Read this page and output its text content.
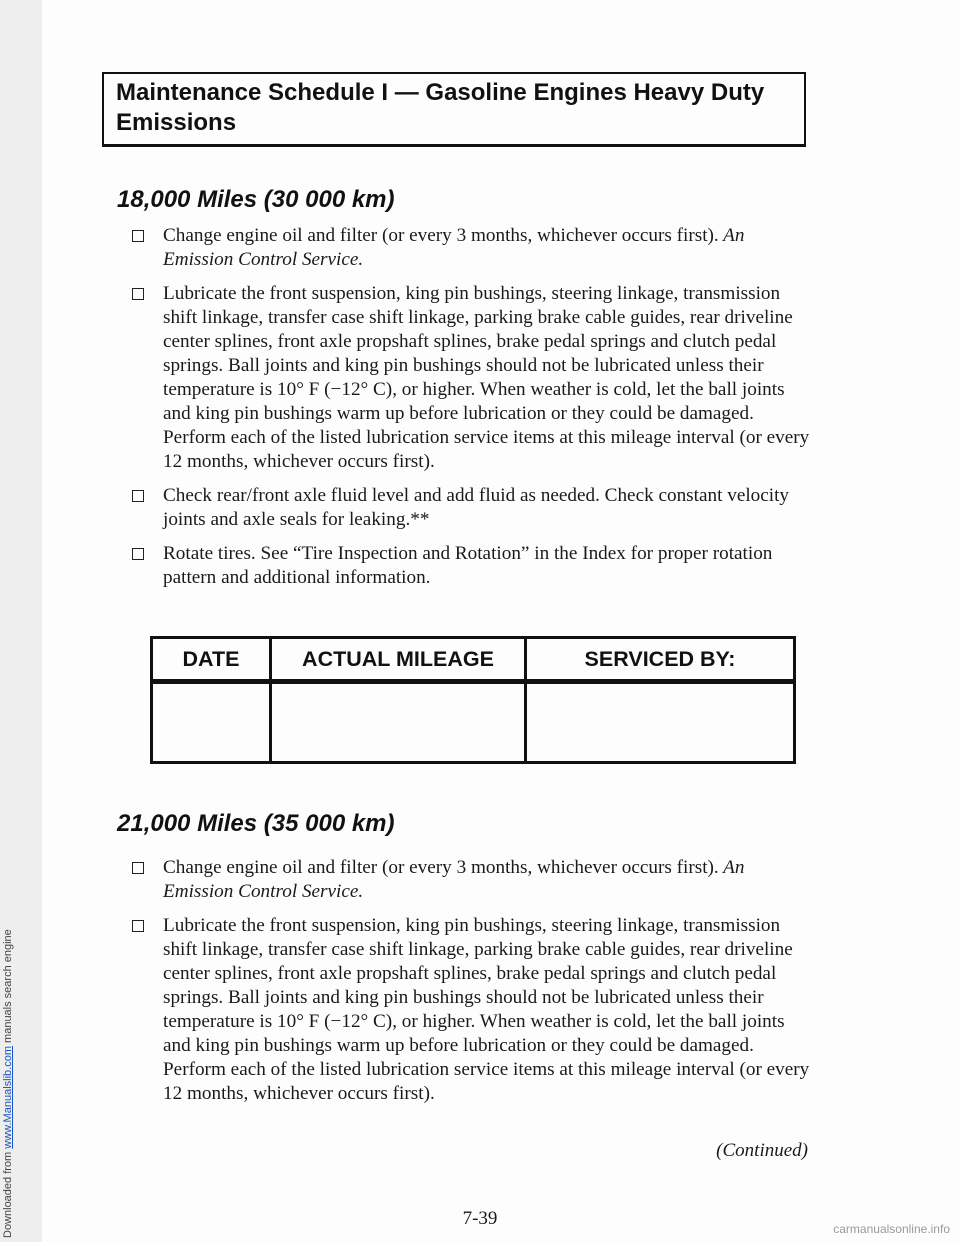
Downloaded from www.Manualslib.com manuals search engine
carmanualsonline.info
Maintenance Schedule I — Gasoline Engines Heavy Duty Emissions
18,000 Miles (30 000 km)
Change engine oil and filter (or every 3 months, whichever occurs first). An Emission Control Service.
Lubricate the front suspension, king pin bushings, steering linkage, transmission shift linkage, transfer case shift linkage, parking brake cable guides, rear driveline center splines, front axle propshaft splines, brake pedal springs and clutch pedal springs. Ball joints and king pin bushings should not be lubricated unless their temperature is 10° F (−12° C), or higher. When weather is cold, let the ball joints and king pin bushings warm up before lubrication or they could be damaged. Perform each of the listed lubrication service items at this mileage interval (or every 12 months, whichever occurs first).
Check rear/front axle fluid level and add fluid as needed. Check constant velocity joints and axle seals for leaking.**
Rotate tires. See “Tire Inspection and Rotation” in the Index for proper rotation pattern and additional information.
DATE	ACTUAL MILEAGE	SERVICED BY:

21,000 Miles (35 000 km)
Change engine oil and filter (or every 3 months, whichever occurs first). An Emission Control Service.
Lubricate the front suspension, king pin bushings, steering linkage, transmission shift linkage, transfer case shift linkage, parking brake cable guides, rear driveline center splines, front axle propshaft splines, brake pedal springs and clutch pedal springs. Ball joints and king pin bushings should not be lubricated unless their temperature is 10° F (−12° C), or higher. When weather is cold, let the ball joints and king pin bushings warm up before lubrication or they could be damaged. Perform each of the listed lubrication service items at this mileage interval (or every 12 months, whichever occurs first).
(Continued)
7-39
